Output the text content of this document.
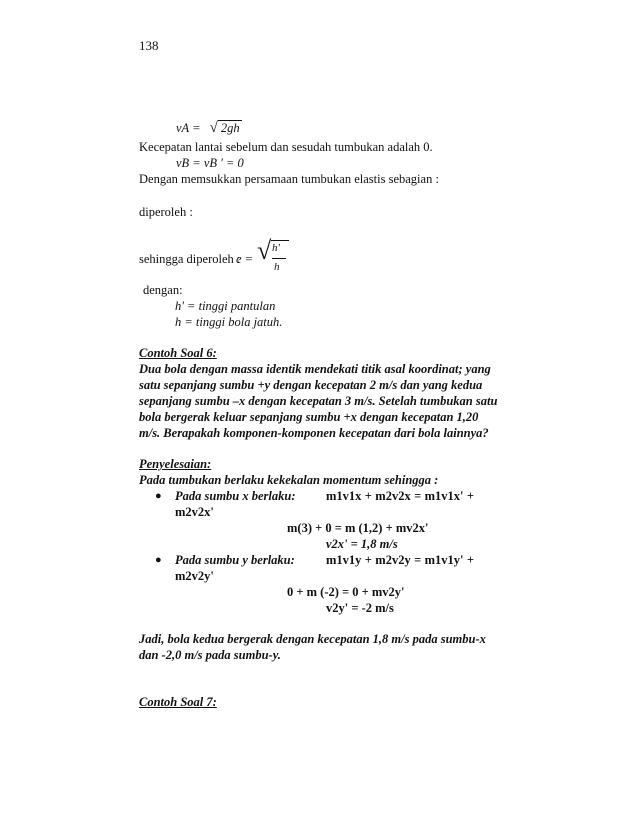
138
vA = √ 2gh
Kecepatan lantai sebelum dan sesudah tumbukan adalah 0.
vB = vB ' = 0
Dengan memsukkan persamaan tumbukan elastis sebagian :
diperoleh :
sehingga diperoleh :
e = √ h'
h
dengan:
h' = tinggi pantulan
h = tinggi bola jatuh.
Contoh Soal 6:
Dua bola dengan massa identik mendekati titik asal koordinat; yang
satu sepanjang sumbu +y dengan kecepatan 2 m/s dan yang kedua
sepanjang sumbu –x dengan kecepatan 3 m/s. Setelah tumbukan satu
bola bergerak keluar sepanjang sumbu +x dengan kecepatan 1,20
m/s. Berapakah komponen-komponen kecepatan dari bola lainnya?
Penyelesaian:
Pada tumbukan berlaku kekekalan momentum sehingga :
● Pada sumbu x berlaku: m1v1x + m2v2x = m1v1x' +
m2v2x'
m(3) + 0 = m (1,2) + mv2x'
v2x' = 1,8 m/s
● Pada sumbu y berlaku: m1v1y + m2v2y = m1v1y' +
m2v2y'
0 + m (-2) = 0 + mv2y'
v2y' = -2 m/s
Jadi, bola kedua bergerak dengan kecepatan 1,8 m/s pada sumbu-x
dan -2,0 m/s pada sumbu-y.
Contoh Soal 7:
